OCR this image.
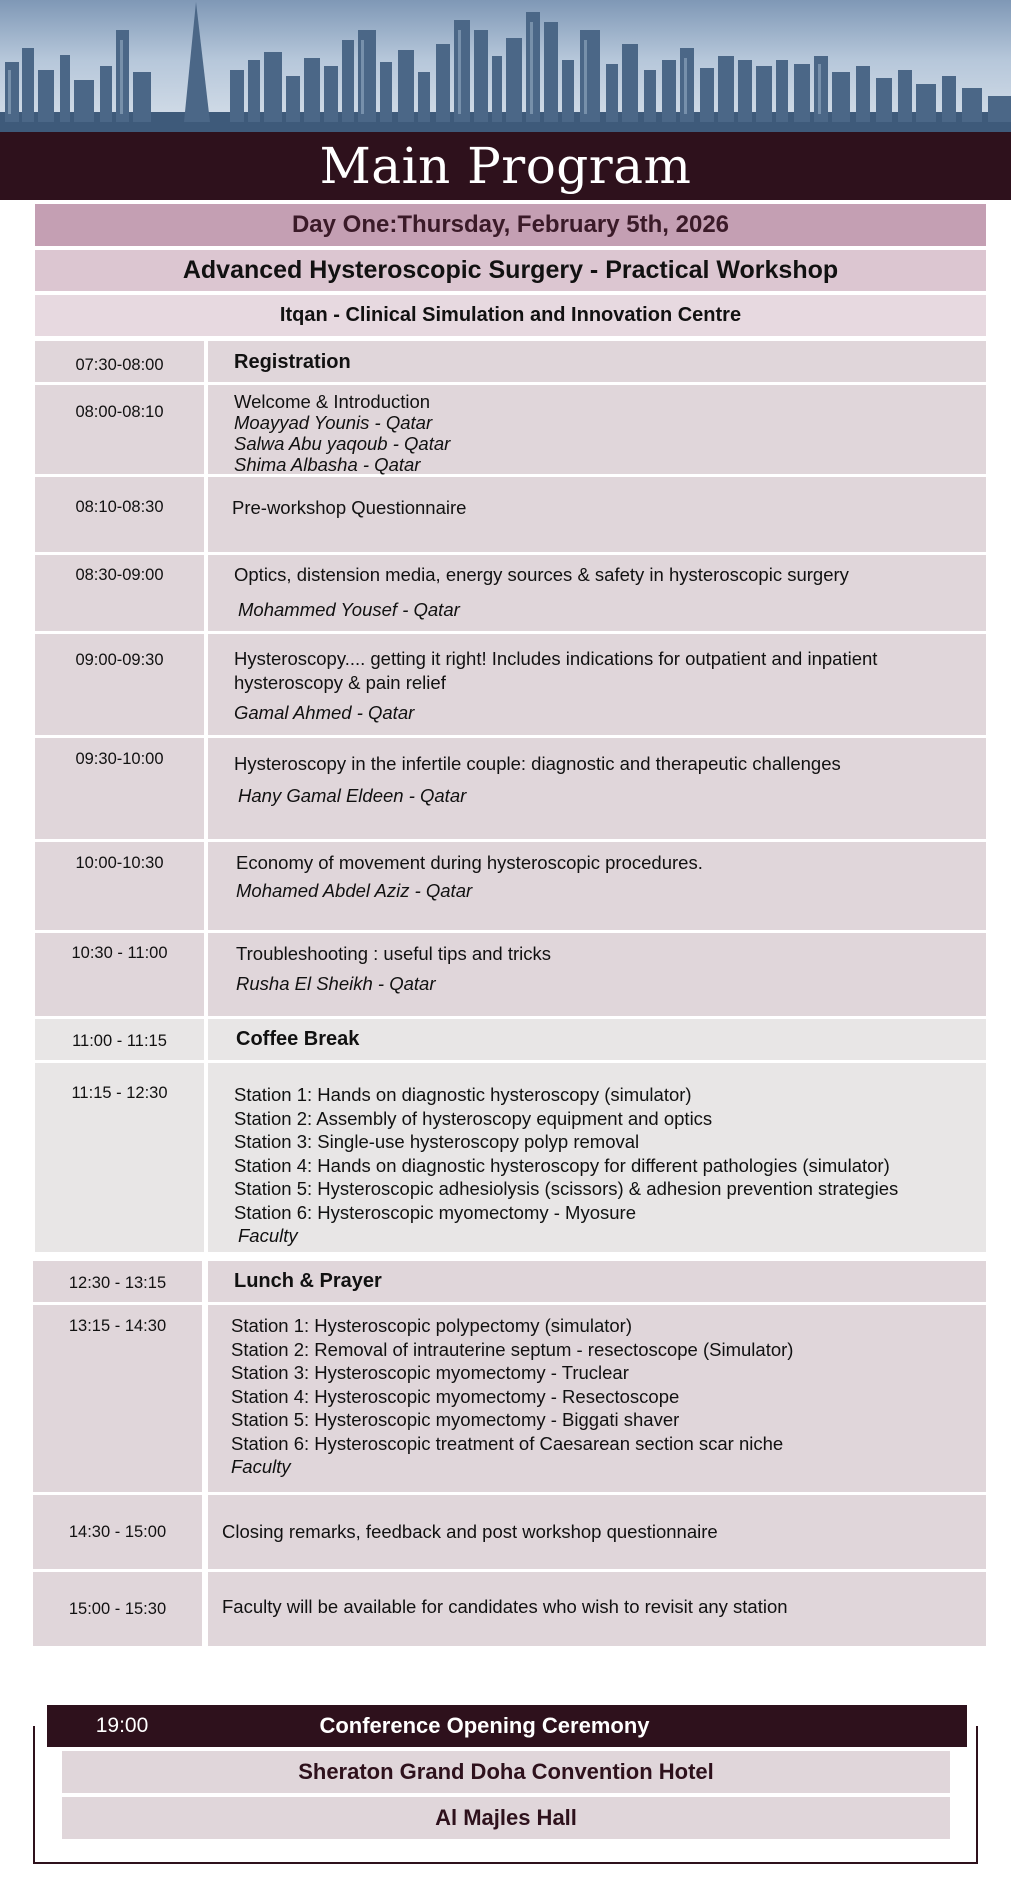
Main Program
Day One:Thursday, February 5th, 2026
Advanced Hysteroscopic Surgery - Practical Workshop
Itqan - Clinical Simulation and Innovation Centre
07:30-08:00	Registration
08:00-08:10	Welcome & Introduction
Moayyad Younis - Qatar
Salwa Abu yaqoub - Qatar
Shima Albasha - Qatar
08:10-08:30	Pre-workshop Questionnaire
08:30-09:00	Optics, distension media, energy sources & safety in hysteroscopic surgery
Mohammed Yousef - Qatar
09:00-09:30	Hysteroscopy.... getting it right! Includes indications for outpatient and inpatient
hysteroscopy & pain relief
Gamal Ahmed - Qatar
09:30-10:00	Hysteroscopy in the infertile couple: diagnostic and therapeutic challenges
Hany Gamal Eldeen - Qatar
10:00-10:30	Economy of movement during hysteroscopic procedures.
Mohamed Abdel Aziz - Qatar
10:30 - 11:00	Troubleshooting : useful tips and tricks
Rusha El Sheikh - Qatar
11:00 - 11:15	Coffee Break
11:15 - 12:30	Station 1: Hands on diagnostic hysteroscopy (simulator)
Station 2: Assembly of hysteroscopy equipment and optics
Station 3: Single-use hysteroscopy polyp removal
Station 4: Hands on diagnostic hysteroscopy for different pathologies (simulator)
Station 5: Hysteroscopic adhesiolysis (scissors) & adhesion prevention strategies
Station 6: Hysteroscopic myomectomy - Myosure
Faculty
12:30 - 13:15	Lunch & Prayer
13:15 - 14:30	Station 1: Hysteroscopic polypectomy (simulator)
Station 2: Removal of intrauterine septum - resectoscope (Simulator)
Station 3: Hysteroscopic myomectomy - Truclear
Station 4: Hysteroscopic myomectomy - Resectoscope
Station 5: Hysteroscopic myomectomy - Biggati shaver
Station 6: Hysteroscopic treatment of Caesarean section scar niche
Faculty
14:30 - 15:00	Closing remarks, feedback and post workshop questionnaire
15:00 - 15:30	Faculty will be available for candidates who wish to revisit any station
19:00	Conference Opening Ceremony
Sheraton Grand Doha Convention Hotel
Al Majles Hall
